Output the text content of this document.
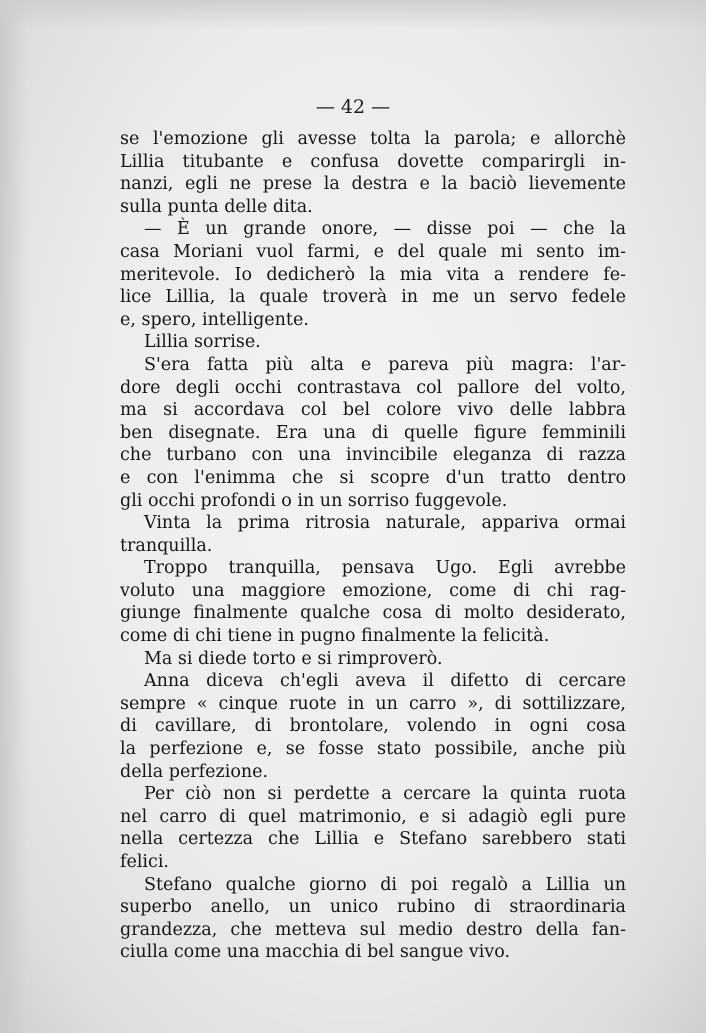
— 42 —
se l'emozione gli avesse tolta la parola; e allorchè
Lillia titubante e confusa dovette comparirgli in-
nanzi, egli ne prese la destra e la baciò lievemente
sulla punta delle dita.
— È un grande onore, — disse poi — che la
casa Moriani vuol farmi, e del quale mi sento im-
meritevole. Io dedicherò la mia vita a rendere fe-
lice Lillia, la quale troverà in me un servo fedele
e, spero, intelligente.
Lillia sorrise.
S'era fatta più alta e pareva più magra: l'ar-
dore degli occhi contrastava col pallore del volto,
ma si accordava col bel colore vivo delle labbra
ben disegnate. Era una di quelle figure femminili
che turbano con una invincibile eleganza di razza
e con l'enimma che si scopre d'un tratto dentro
gli occhi profondi o in un sorriso fuggevole.
Vinta la prima ritrosia naturale, appariva ormai
tranquilla.
Troppo tranquilla, pensava Ugo. Egli avrebbe
voluto una maggiore emozione, come di chi rag-
giunge finalmente qualche cosa di molto desiderato,
come di chi tiene in pugno finalmente la felicità.
Ma si diede torto e si rimproverò.
Anna diceva ch'egli aveva il difetto di cercare
sempre « cinque ruote in un carro », di sottilizzare,
di cavillare, di brontolare, volendo in ogni cosa
la perfezione e, se fosse stato possibile, anche più
della perfezione.
Per ciò non si perdette a cercare la quinta ruota
nel carro di quel matrimonio, e si adagiò egli pure
nella certezza che Lillia e Stefano sarebbero stati
felici.
Stefano qualche giorno di poi regalò a Lillia un
superbo anello, un unico rubino di straordinaria
grandezza, che metteva sul medio destro della fan-
ciulla come una macchia di bel sangue vivo.
